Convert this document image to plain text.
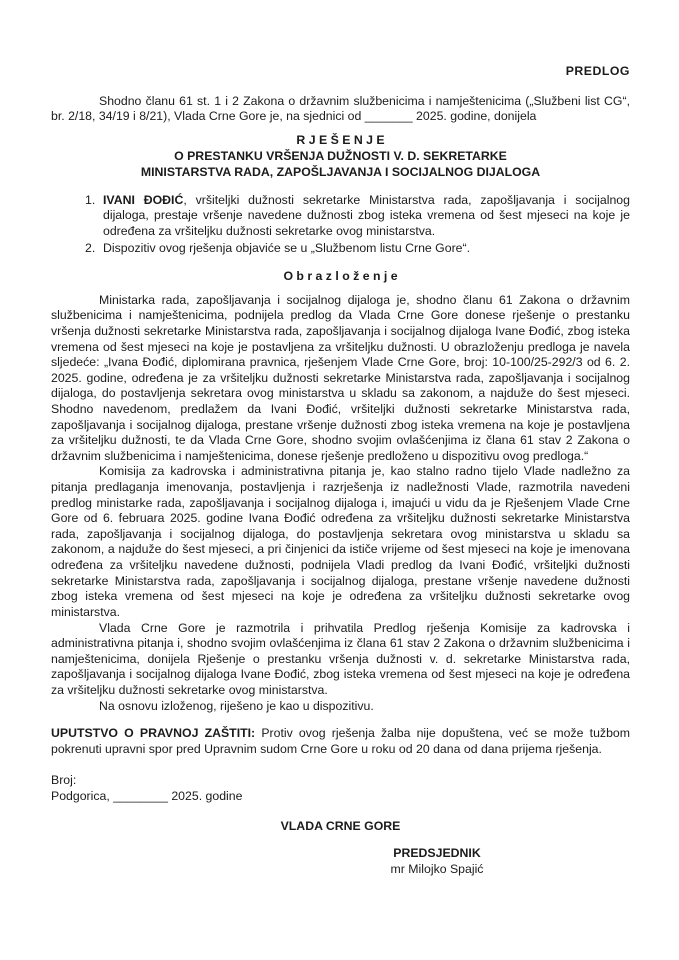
PREDLOG

Shodno članu 61 st. 1 i 2 Zakona o državnim službenicima i namještenicima („Službeni list CG“, br. 2/18, 34/19 i 8/21), Vlada Crne Gore je, na sjednici od _______ 2025. godine, donijela

R J E Š E N J E
O PRESTANKU VRŠENJA DUŽNOSTI V. D. SEKRETARKE
MINISTARSTVA RADA, ZAPOŠLJAVANJA I SOCIJALNOG DIJALOGA
1. IVANI ĐOĐIĆ, vršiteljki dužnosti sekretarke Ministarstva rada, zapošljavanja i socijalnog dijaloga, prestaje vršenje navedene dužnosti zbog isteka vremena od šest mjeseci na koje je određena za vršiteljku dužnosti sekretarke ovog ministarstva.
2. Dispozitiv ovog rješenja objaviće se u „Službenom listu Crne Gore“.
O b r a z l o ž e n j e

Ministarka rada, zapošljavanja i socijalnog dijaloga je, shodno članu 61 Zakona o državnim službenicima i namještenicima, podnijela predlog da Vlada Crne Gore donese rješenje o prestanku vršenja dužnosti sekretarke Ministarstva rada, zapošljavanja i socijalnog dijaloga Ivane Đođić, zbog isteka vremena od šest mjeseci na koje je postavljena za vršiteljku dužnosti. U obrazloženju predloga je navela sljedeće: „Ivana Đođić, diplomirana pravnica, rješenjem Vlade Crne Gore, broj: 10-100/25-292/3 od 6. 2. 2025. godine, određena je za vršiteljku dužnosti sekretarke Ministarstva rada, zapošljavanja i socijalnog dijaloga, do postavljenja sekretara ovog ministarstva u skladu sa zakonom, a najduže do šest mjeseci. Shodno navedenom, predlažem da Ivani Đođić, vršiteljki dužnosti sekretarke Ministarstva rada, zapošljavanja i socijalnog dijaloga, prestane vršenje dužnosti zbog isteka vremena na koje je postavljena za vršiteljku dužnosti, te da Vlada Crne Gore, shodno svojim ovlašćenjima iz člana 61 stav 2 Zakona o državnim službenicima i namještenicima, donese rješenje predloženo u dispozitivu ovog predloga.“

Komisija za kadrovska i administrativna pitanja je, kao stalno radno tijelo Vlade nadležno za pitanja predlaganja imenovanja, postavljenja i razrješenja iz nadležnosti Vlade, razmotrila navedeni predlog ministarke rada, zapošljavanja i socijalnog dijaloga i, imajući u vidu da je Rješenjem Vlade Crne Gore od 6. februara 2025. godine Ivana Đođić određena za vršiteljku dužnosti sekretarke Ministarstva rada, zapošljavanja i socijalnog dijaloga, do postavljenja sekretara ovog ministarstva u skladu sa zakonom, a najduže do šest mjeseci, a pri činjenici da ističe vrijeme od šest mjeseci na koje je imenovana određena za vršiteljku navedene dužnosti, podnijela Vladi predlog da Ivani Đođić, vršiteljki dužnosti sekretarke Ministarstva rada, zapošljavanja i socijalnog dijaloga, prestane vršenje navedene dužnosti zbog isteka vremena od šest mjeseci na koje je određena za vršiteljku dužnosti sekretarke ovog ministarstva.

Vlada Crne Gore je razmotrila i prihvatila Predlog rješenja Komisije za kadrovska i administrativna pitanja i, shodno svojim ovlašćenjima iz člana 61 stav 2 Zakona o državnim službenicima i namještenicima, donijela Rješenje o prestanku vršenja dužnosti v. d. sekretarke Ministarstva rada, zapošljavanja i socijalnog dijaloga Ivane Đođić, zbog isteka vremena od šest mjeseci na koje je određena za vršiteljku dužnosti sekretarke ovog ministarstva.

Na osnovu izloženog, riješeno je kao u dispozitivu.

UPUTSTVO O PRAVNOJ ZAŠTITI: Protiv ovog rješenja žalba nije dopuštena, već se može tužbom pokrenuti upravni spor pred Upravnim sudom Crne Gore u roku od 20 dana od dana prijema rješenja.

Broj:

Podgorica, ________ 2025. godine

VLADA CRNE GORE

PREDSJEDNIK

mr Milojko Spajić
